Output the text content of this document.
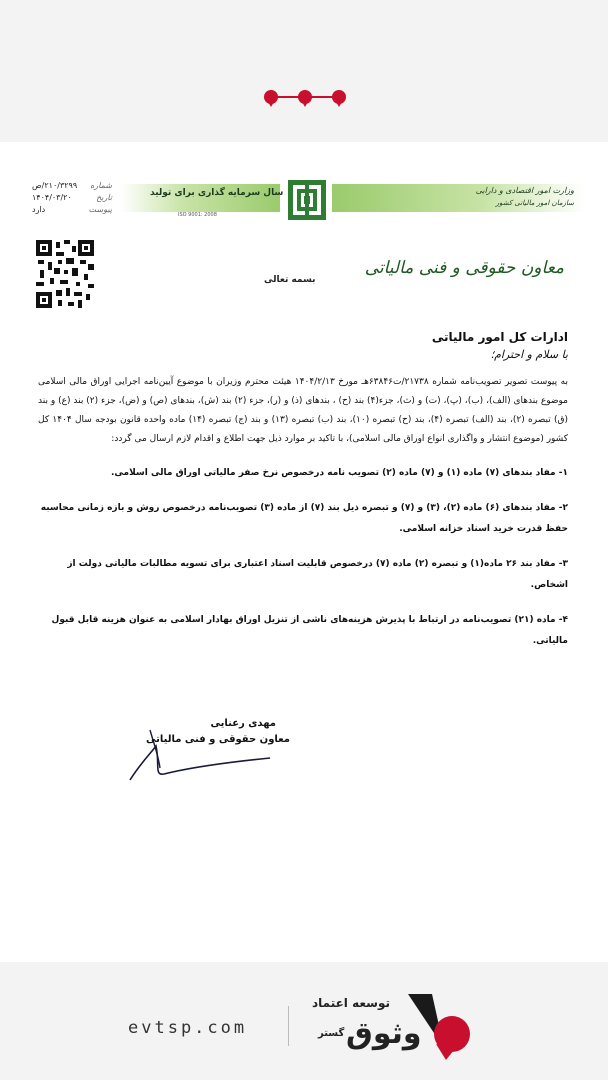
سال سرمایه گذاری برای تولید
ISO 9001: 2008
وزارت امور اقتصادی و دارایی
سازمان امور مالیاتی کشور
شماره
۲۱۰/۳۲۹۹/ص
تاریخ
۱۴۰۴/۰۳/۲۰
پیوست
دارد
معاون حقوقی و فنی مالیاتی
بسمه تعالی

ادارات کل امور مالیاتی

با سلام و احترام؛

به پیوست تصویر تصویب‌نامه شماره ۲۱۷۳۸/ت۶۳۸۴۶هـ مورخ ۱۴۰۴/۲/۱۳ هیئت محترم وزیران با موضوع آیین‌نامه اجرایی اوراق مالی اسلامی موضوع بندهای (الف)، (ب)، (پ)، (ت) و (ث)، جزء(۴) بند (ح) ، بندهای (ذ) و (ر)، جزء (۲) بند (ش)، بندهای (ص) و (ض)، جزء (۲) بند (ع) و بند (ق) تبصره (۲)، بند (الف) تبصره (۴)، بند (ح) تبصره (۱۰)، بند (ب) تبصره (۱۳) و بند (ج) تبصره (۱۴) ماده واحده قانون بودجه سال ۱۴۰۴ کل کشور (موضوع انتشار و واگذاری انواع اوراق مالی اسلامی)، با تاکید بر موارد ذیل جهت اطلاع و اقدام لازم ارسال می گردد:

۱- مفاد بندهای (۷) ماده (۱) و (۷) ماده (۲) تصویب نامه درخصوص نرخ صفر مالیاتی اوراق مالی اسلامی.

۲- مفاد بندهای (۶) ماده (۲)، (۳) و (۷) و تبصره ذیل بند (۷) از ماده (۳) تصویب‌نامه درخصوص روش و بازه زمانی محاسبه حفظ قدرت خرید اسناد خزانه اسلامی.

۳- مفاد بند ۲۶ ماده(۱) و تبصره (۲) ماده (۷) درخصوص قابلیت اسناد اعتباری برای تسویه مطالبات مالیاتی دولت از اشخاص.

۴- ماده (۲۱) تصویب‌نامه در ارتباط با پذیرش هزینه‌های ناشی از تنزیل اوراق بهادار اسلامی به عنوان هزینه قابل قبول مالیاتی.

مهدی رعنایی
معاون حقوقی و فنی مالیاتی
evtsp.com
توسعه اعتماد
وثوق
گستر
